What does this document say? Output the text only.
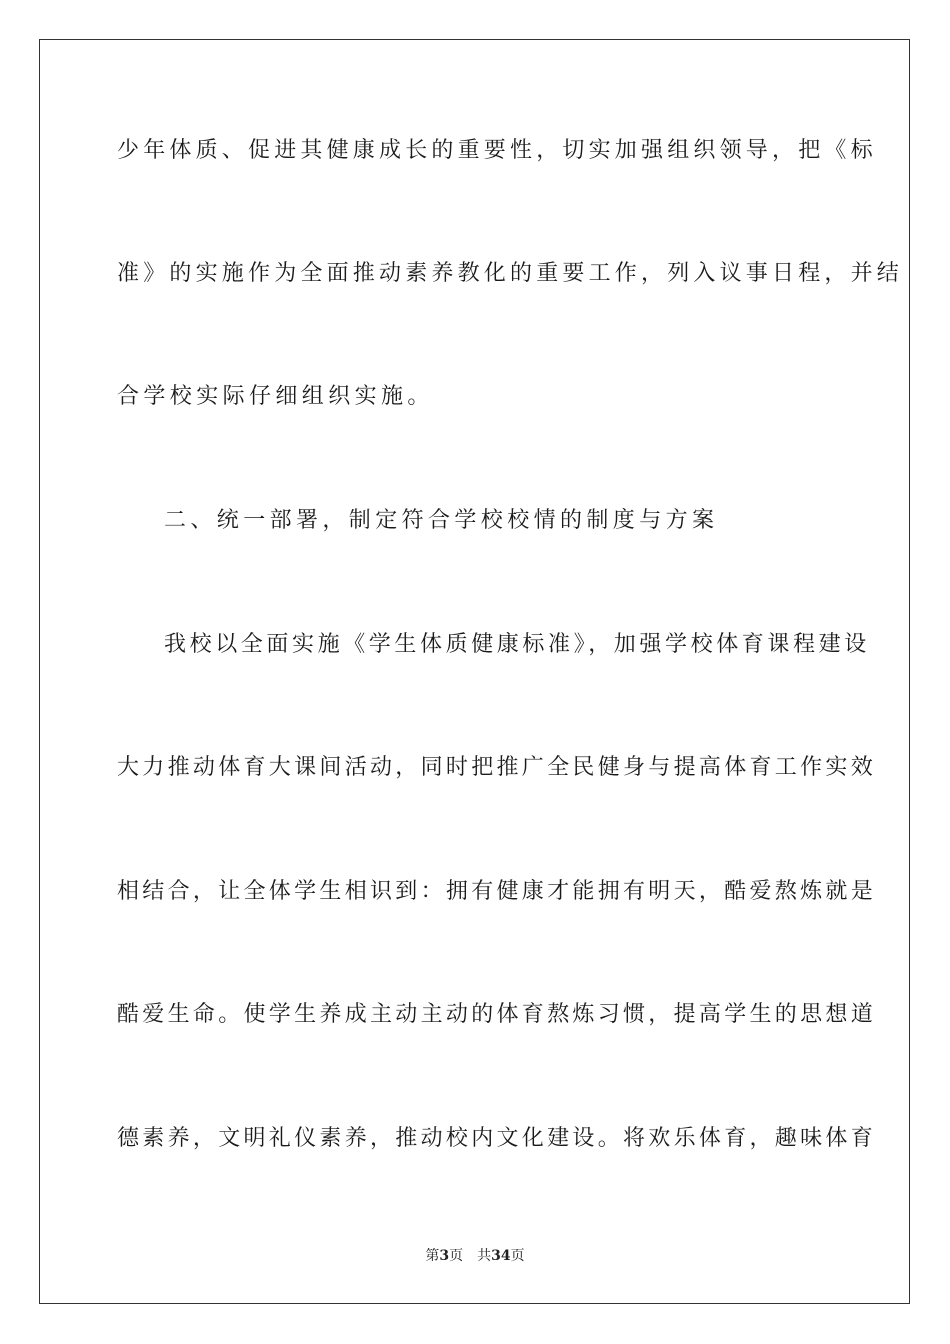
少年体质、促进其健康成长的重要性，切实加强组织领导，把《标
准》的实施作为全面推动素养教化的重要工作，列入议事日程，并结
合学校实际仔细组织实施。
二、统一部署，制定符合学校校情的制度与方案
我校以全面实施《学生体质健康标准》，加强学校体育课程建设
大力推动体育大课间活动，同时把推广全民健身与提高体育工作实效
相结合，让全体学生相识到：拥有健康才能拥有明天，酷爱熬炼就是
酷爱生命。使学生养成主动主动的体育熬炼习惯，提高学生的思想道
德素养，文明礼仪素养，推动校内文化建设。将欢乐体育，趣味体育
第3页 共34页
